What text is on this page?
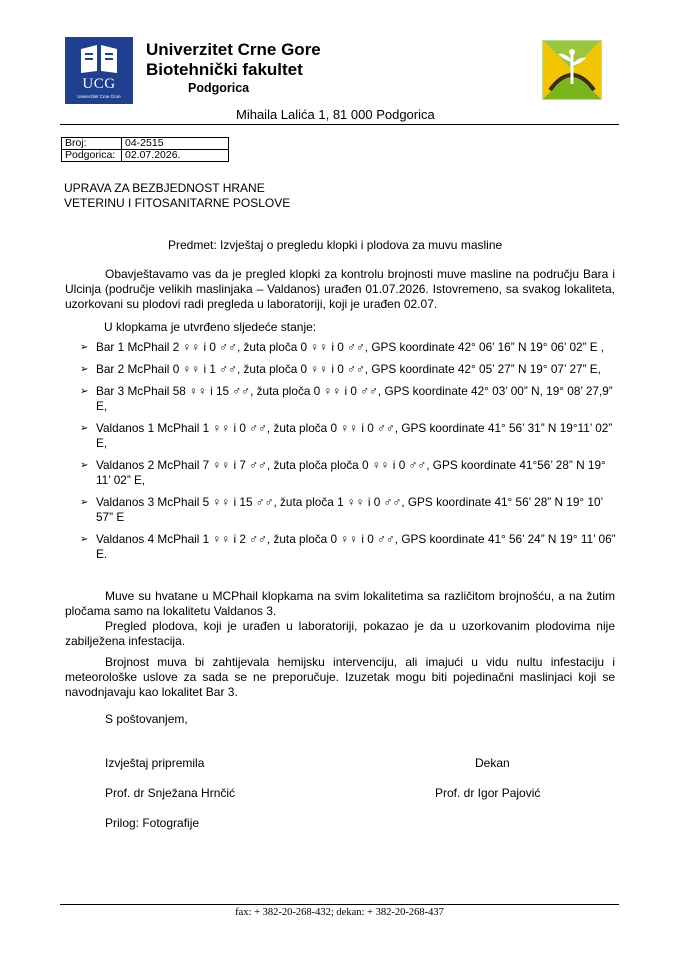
UCG
Univerzitet Crne Gore
Univerzitet Crne Gore
Biotehnički fakultet
Podgorica
Mihaila Lalića 1, 81 000 Podgorica
Broj:	04-2515
Podgorica:	02.07.2026.
UPRAVA ZA BEZBJEDNOST HRANE
VETERINU I FITOSANITARNE POSLOVE
Predmet: Izvještaj o pregledu klopki i plodova za muvu masline
Obavještavamo vas da je pregled klopki za kontrolu brojnosti muve masline na području Bara i Ulcinja (područje velikih maslinjaka – Valdanos) urađen 01.07.2026. Istovremeno, sa svakog lokaliteta, uzorkovani su plodovi radi pregleda u laboratoriji, koji je urađen 02.07.
U klopkama je utvrđeno sljedeće stanje:
➢ Bar 1 McPhail 2 ♀♀ i 0 ♂♂, žuta ploča 0 ♀♀ i 0 ♂♂, GPS koordinate 42° 06’ 16” N 19° 06’ 02” E ,
➢ Bar 2 McPhail 0 ♀♀ i 1 ♂♂, žuta ploča 0 ♀♀ i 0 ♂♂, GPS koordinate 42° 05’ 27” N 19° 07’ 27” E,
➢ Bar 3 McPhail 58 ♀♀ i 15 ♂♂, žuta ploča 0 ♀♀ i 0 ♂♂, GPS koordinate 42° 03’ 00” N, 19° 08’ 27,9” E,
➢ Valdanos 1 McPhail 1 ♀♀ i 0 ♂♂, žuta ploča 0 ♀♀ i 0 ♂♂, GPS koordinate 41° 56’ 31” N 19°11’ 02” E,
➢ Valdanos 2 McPhail 7 ♀♀ i 7 ♂♂, žuta ploča ploča 0 ♀♀ i 0 ♂♂, GPS koordinate 41°56’ 28” N 19° 11’ 02” E,
➢ Valdanos 3 McPhail 5 ♀♀ i 15 ♂♂, žuta ploča 1 ♀♀ i 0 ♂♂, GPS koordinate 41° 56’ 28” N 19° 10’ 57” E
➢ Valdanos 4 McPhail 1 ♀♀ i 2 ♂♂, žuta ploča 0 ♀♀ i 0 ♂♂, GPS koordinate 41° 56’ 24” N 19° 11’ 06” E.
Muve su hvatane u MCPhail klopkama na svim lokalitetima sa različitom brojnošću, a na žutim pločama samo na lokalitetu Valdanos 3.
Pregled plodova, koji je urađen u laboratoriji, pokazao je da u uzorkovanim plodovima nije zabilježena infestacija.
Brojnost muva bi zahtijevala hemijsku intervenciju, ali imajući u vidu nultu infestaciju i meteorološke uslove za sada se ne preporučuje. Izuzetak mogu biti pojedinačni maslinjaci koji se navodnjavaju kao lokalitet Bar 3.
S poštovanjem,
Izvještaj pripremila	Dekan
Prof. dr Snježana Hrnčić	Prof. dr Igor Pajović
Prilog: Fotografije
fax: + 382-20-268-432; dekan: + 382-20-268-437
